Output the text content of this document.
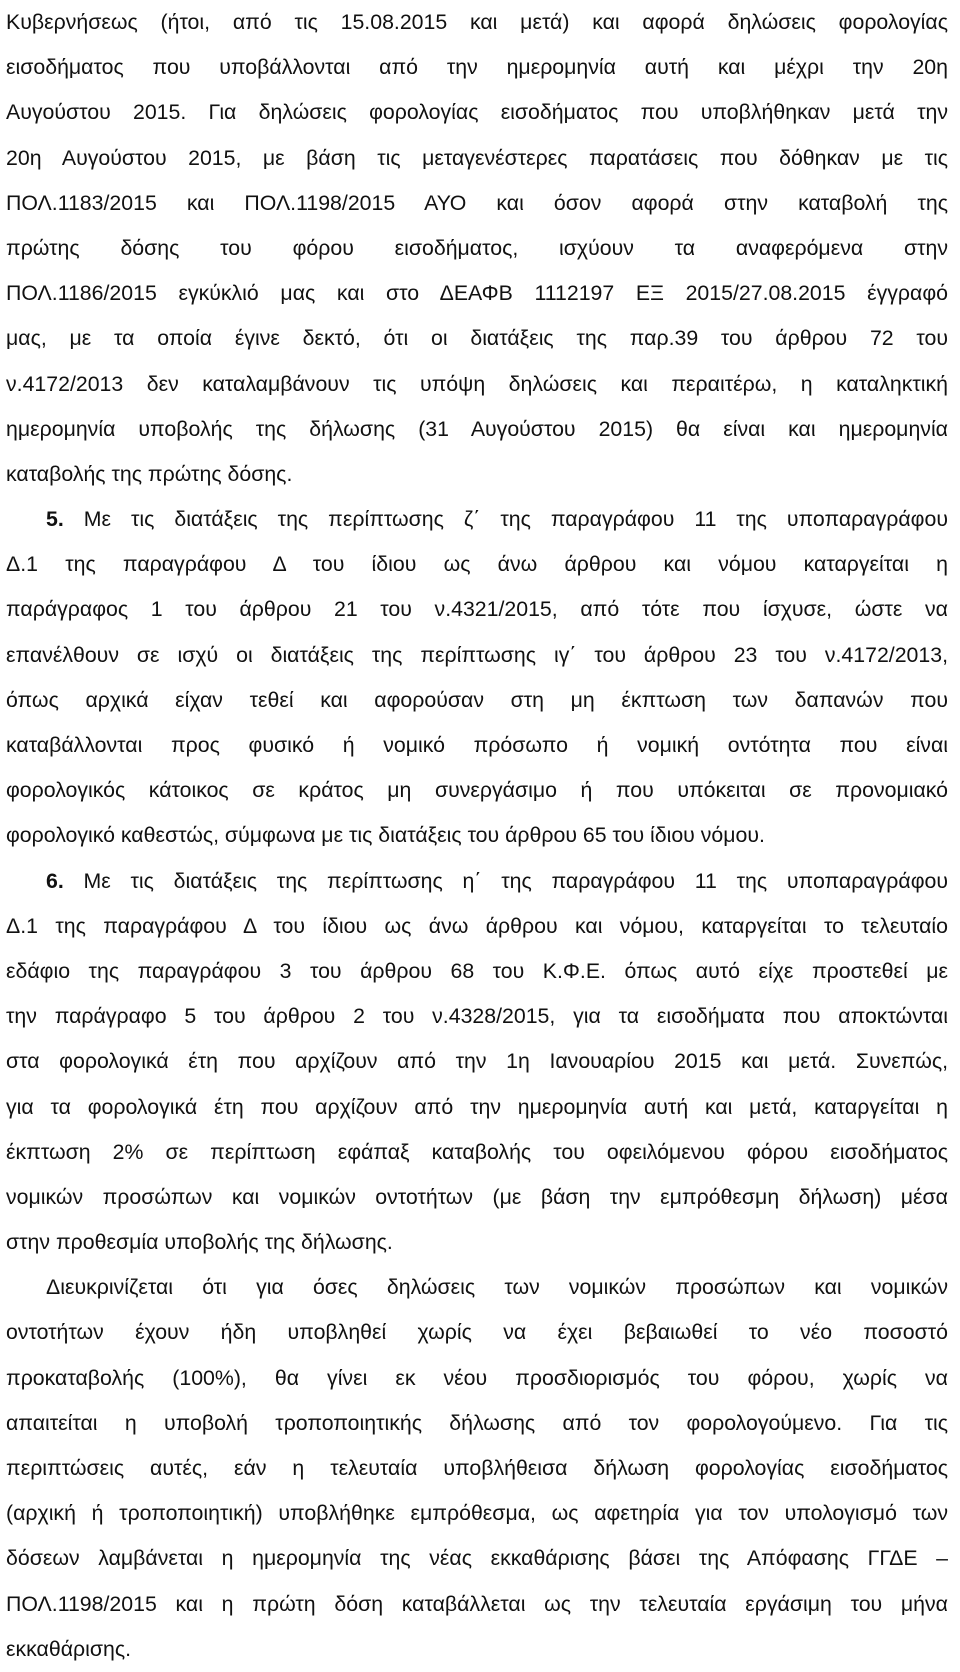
Κυβερνήσεως (ήτοι, από τις 15.08.2015 και μετά) και αφορά δηλώσεις φορολογίας
εισοδήματος που υποβάλλονται από την ημερομηνία αυτή και μέχρι την 20η
Αυγούστου 2015. Για δηλώσεις φορολογίας εισοδήματος που υποβλήθηκαν μετά την
20η Αυγούστου 2015, με βάση τις μεταγενέστερες παρατάσεις που δόθηκαν με τις
ΠΟΛ.1183/2015 και ΠΟΛ.1198/2015 ΑΥΟ και όσον αφορά στην καταβολή της
πρώτης δόσης του φόρου εισοδήματος, ισχύουν τα αναφερόμενα στην
ΠΟΛ.1186/2015 εγκύκλιό μας και στο ΔΕΑΦΒ 1112197 ΕΞ 2015/27.08.2015 έγγραφό
μας, με τα οποία έγινε δεκτό, ότι οι διατάξεις της παρ.39 του άρθρου 72 του
ν.4172/2013 δεν καταλαμβάνουν τις υπόψη δηλώσεις και περαιτέρω, η καταληκτική
ημερομηνία υποβολής της δήλωσης (31 Αυγούστου 2015) θα είναι και ημερομηνία
καταβολής της πρώτης δόσης.
5. Με τις διατάξεις της περίπτωσης ζ΄ της παραγράφου 11 της υποπαραγράφου
Δ.1 της παραγράφου Δ του ίδιου ως άνω άρθρου και νόμου καταργείται η
παράγραφος 1 του άρθρου 21 του ν.4321/2015, από τότε που ίσχυσε, ώστε να
επανέλθουν σε ισχύ οι διατάξεις της περίπτωσης ιγ΄ του άρθρου 23 του ν.4172/2013,
όπως αρχικά είχαν τεθεί και αφορούσαν στη μη έκπτωση των δαπανών που
καταβάλλονται προς φυσικό ή νομικό πρόσωπο ή νομική οντότητα που είναι
φορολογικός κάτοικος σε κράτος μη συνεργάσιμο ή που υπόκειται σε προνομιακό
φορολογικό καθεστώς, σύμφωνα με τις διατάξεις του άρθρου 65 του ίδιου νόμου.
6. Με τις διατάξεις της περίπτωσης η΄ της παραγράφου 11 της υποπαραγράφου
Δ.1 της παραγράφου Δ του ίδιου ως άνω άρθρου και νόμου, καταργείται το τελευταίο
εδάφιο της παραγράφου 3 του άρθρου 68 του Κ.Φ.Ε. όπως αυτό είχε προστεθεί με
την παράγραφο 5 του άρθρου 2 του ν.4328/2015, για τα εισοδήματα που αποκτώνται
στα φορολογικά έτη που αρχίζουν από την 1η Ιανουαρίου 2015 και μετά. Συνεπώς,
για τα φορολογικά έτη που αρχίζουν από την ημερομηνία αυτή και μετά, καταργείται η
έκπτωση 2% σε περίπτωση εφάπαξ καταβολής του οφειλόμενου φόρου εισοδήματος
νομικών προσώπων και νομικών οντοτήτων (με βάση την εμπρόθεσμη δήλωση) μέσα
στην προθεσμία υποβολής της δήλωσης.
Διευκρινίζεται ότι για όσες δηλώσεις των νομικών προσώπων και νομικών
οντοτήτων έχουν ήδη υποβληθεί χωρίς να έχει βεβαιωθεί το νέο ποσοστό
προκαταβολής (100%), θα γίνει εκ νέου προσδιορισμός του φόρου, χωρίς να
απαιτείται η υποβολή τροποποιητικής δήλωσης από τον φορολογούμενο. Για τις
περιπτώσεις αυτές, εάν η τελευταία υποβλήθεισα δήλωση φορολογίας εισοδήματος
(αρχική ή τροποποιητική) υποβλήθηκε εμπρόθεσμα, ως αφετηρία για τον υπολογισμό των
δόσεων λαμβάνεται η ημερομηνία της νέας εκκαθάρισης βάσει της Απόφασης ΓΓΔΕ –
ΠΟΛ.1198/2015 και η πρώτη δόση καταβάλλεται ως την τελευταία εργάσιμη του μήνα
εκκαθάρισης.
